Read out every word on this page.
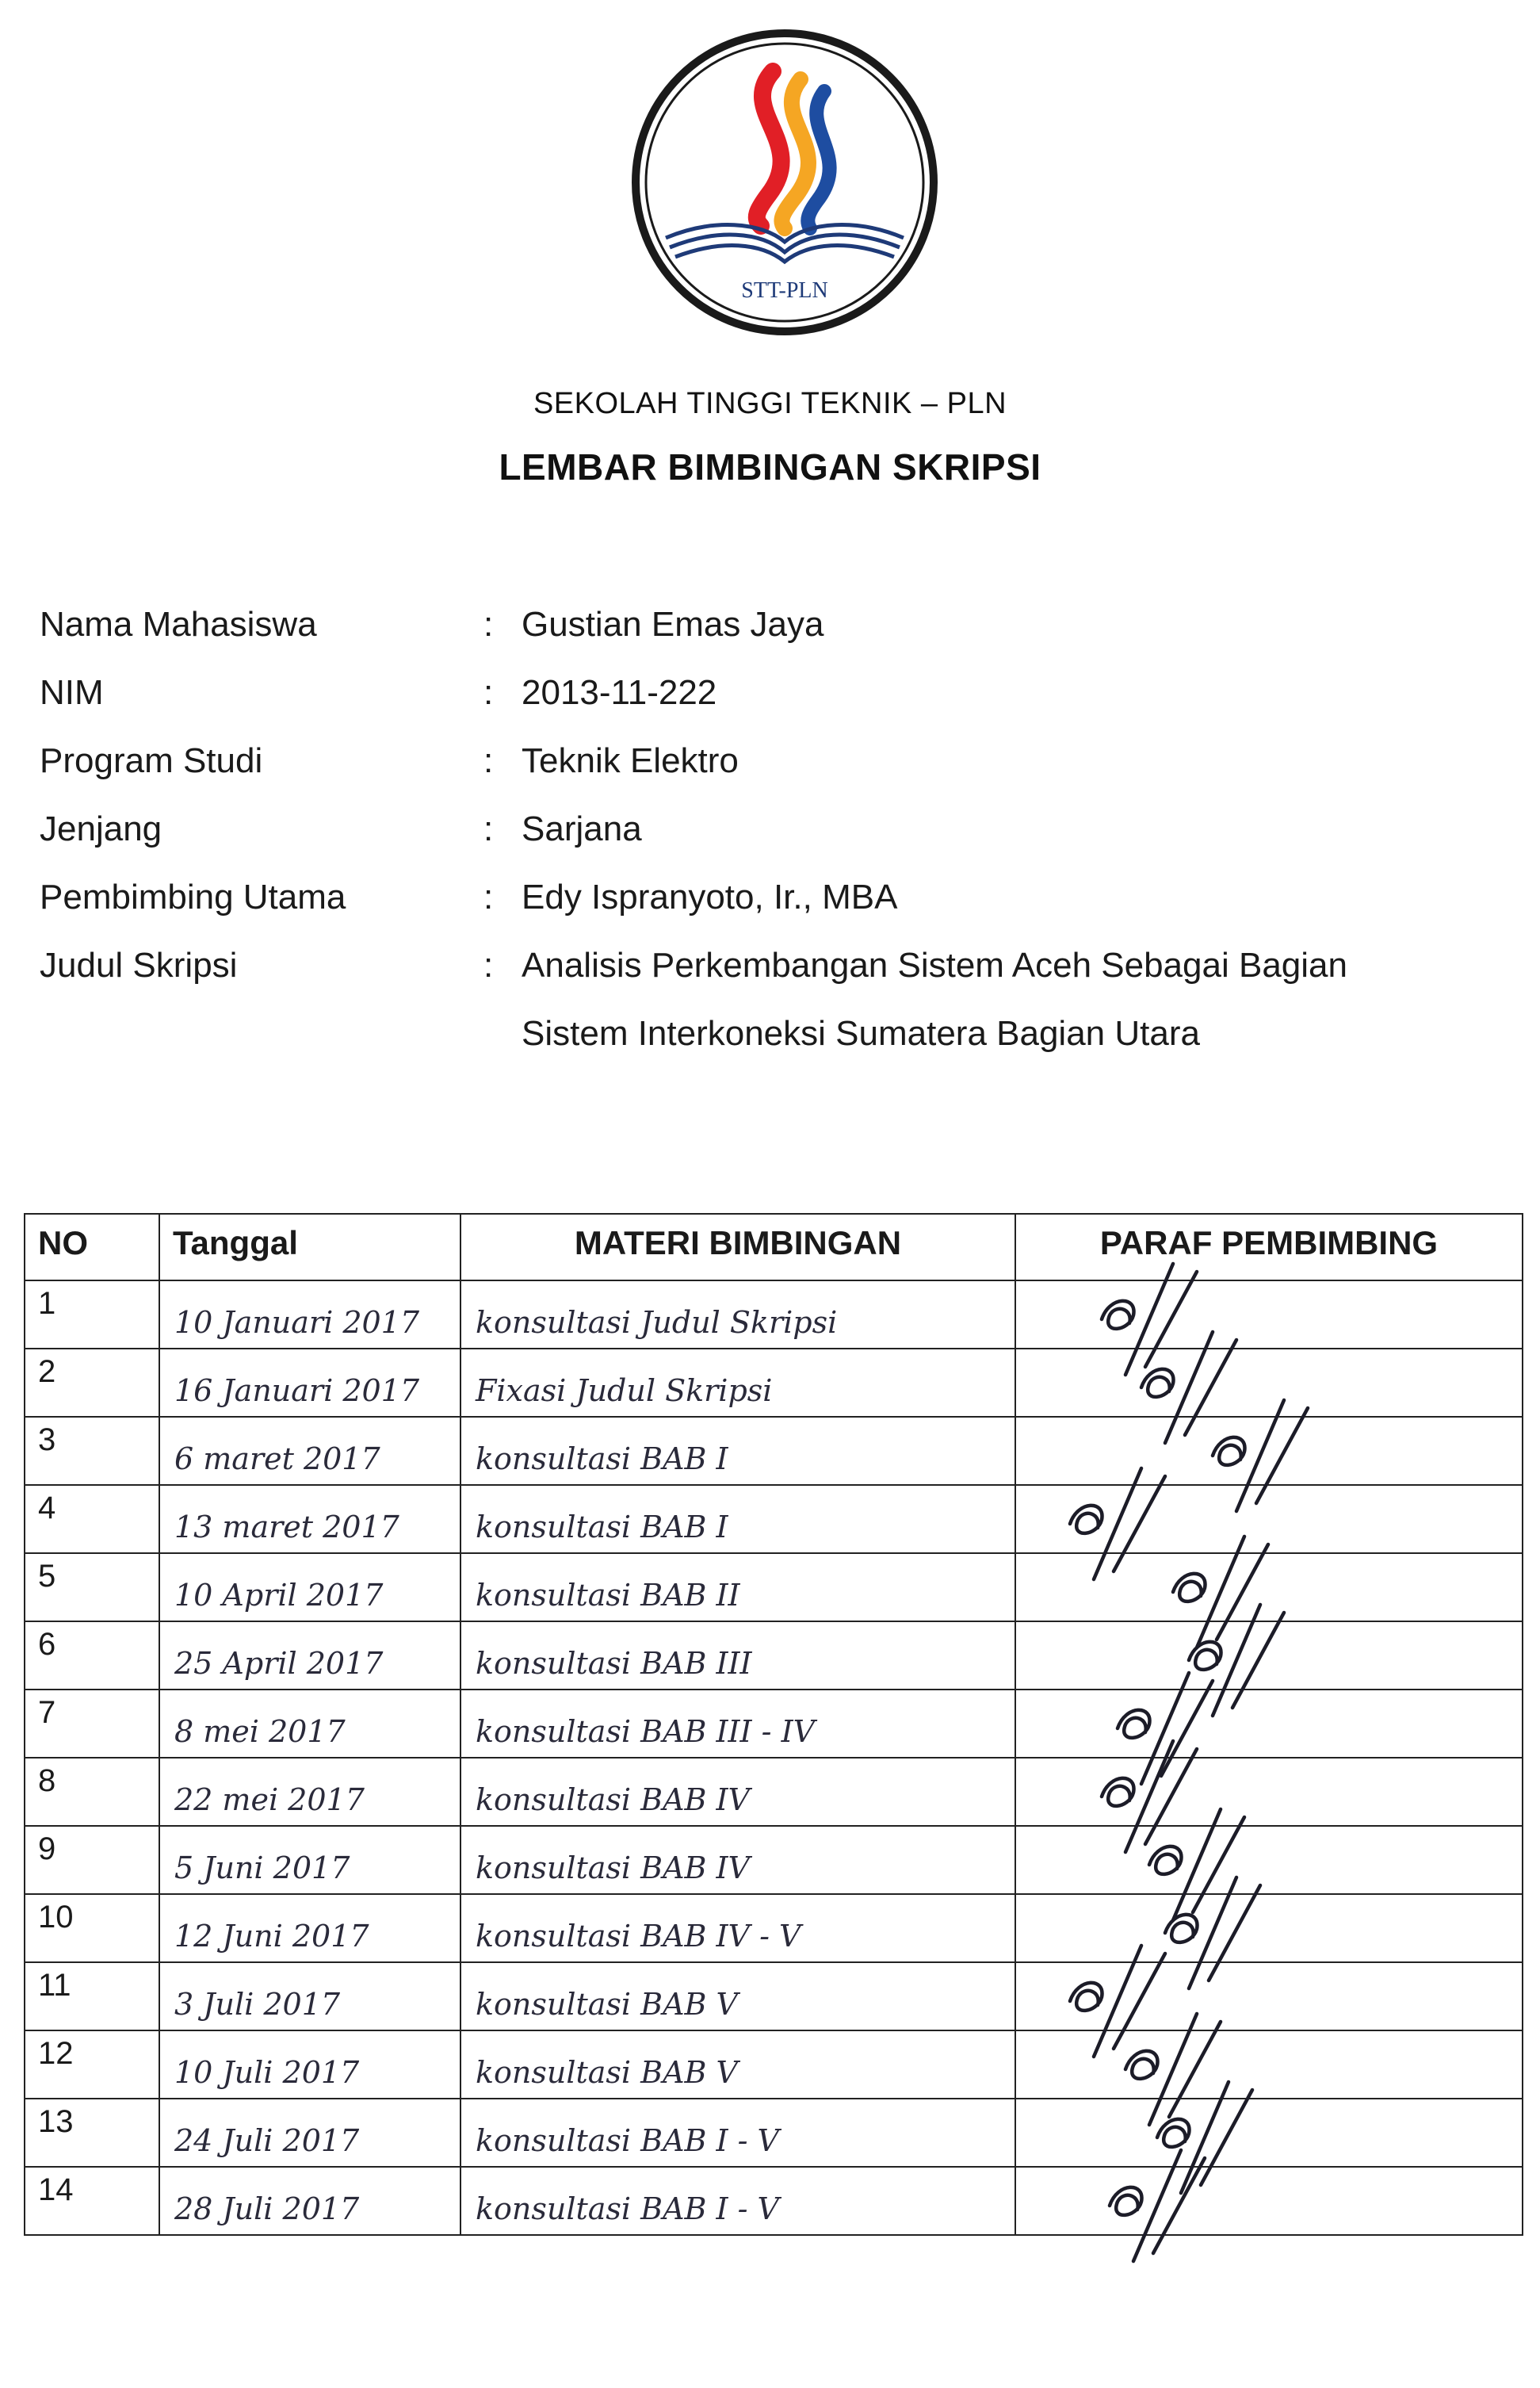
STT-PLN
SEKOLAH TINGGI TEKNIK – PLN
LEMBAR BIMBINGAN SKRIPSI
Nama Mahasiswa	: Gustian Emas Jaya
NIM	: 2013-11-222
Program Studi	: Teknik Elektro
Jenjang	: Sarjana
Pembimbing Utama	: Edy Ispranyoto, Ir., MBA
Judul Skripsi	: Analisis Perkembangan Sistem Aceh Sebagai Bagian
Sistem Interkoneksi Sumatera Bagian Utara
NO	Tanggal	MATERI BIMBINGAN	PARAF PEMBIMBING
1	10 Januari 2017	konsultasi Judul Skripsi	
2	16 Januari 2017	Fixasi Judul Skripsi	
3	6 maret 2017	konsultasi BAB I	
4	13 maret 2017	konsultasi BAB I	
5	10 April 2017	konsultasi BAB II	
6	25 April 2017	konsultasi BAB III	
7	8 mei 2017	konsultasi BAB III - IV	
8	22 mei 2017	konsultasi BAB IV	
9	5 Juni 2017	konsultasi BAB IV	
10	12 Juni 2017	konsultasi BAB IV - V	
11	3 Juli 2017	konsultasi BAB V	
12	10 Juli 2017	konsultasi BAB V	
13	24 Juli 2017	konsultasi BAB I - V	
14	28 Juli 2017	konsultasi BAB I - V	
